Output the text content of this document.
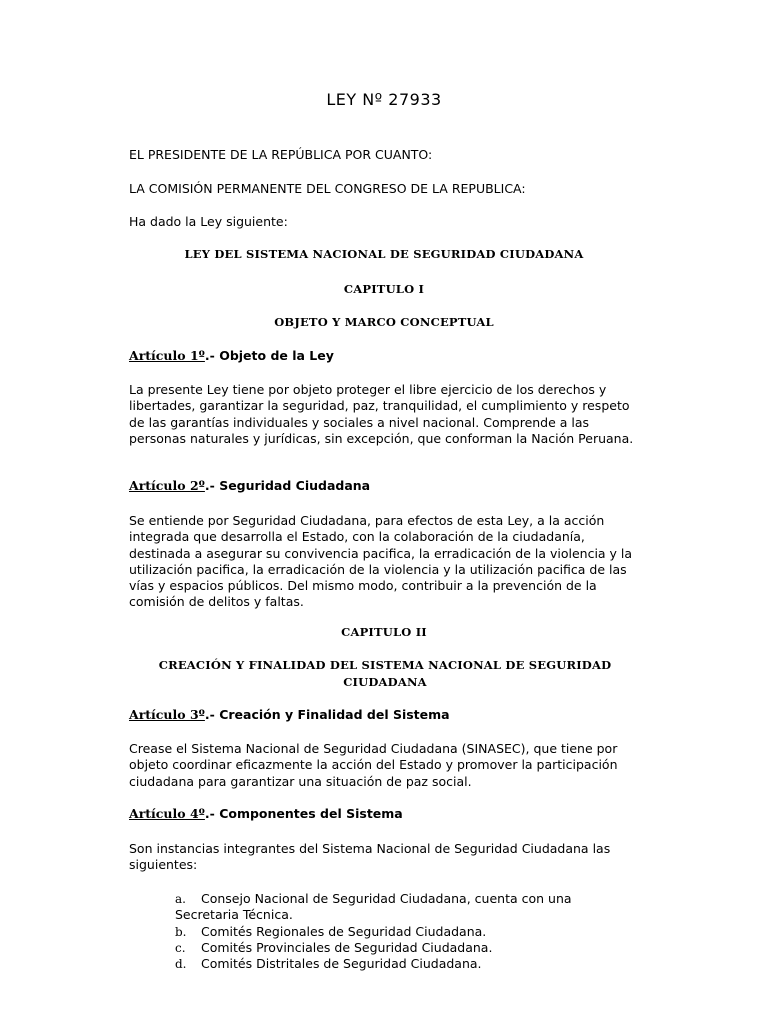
LEY Nº 27933

EL PRESIDENTE DE LA REPÚBLICA POR CUANTO:

LA COMISIÓN PERMANENTE DEL CONGRESO DE LA REPUBLICA:

Ha dado la Ley siguiente:

LEY DEL SISTEMA NACIONAL DE SEGURIDAD CIUDADANA

CAPITULO I

OBJETO Y MARCO CONCEPTUAL

Artículo 1º.- Objeto de la Ley

La presente Ley tiene por objeto proteger el libre ejercicio de los derechos y libertades, garantizar la seguridad, paz, tranquilidad, el cumplimiento y respeto de las garantías individuales y sociales a nivel nacional. Comprende a las personas naturales y jurídicas, sin excepción, que conforman la Nación Peruana.

Artículo 2º.- Seguridad Ciudadana

Se entiende por Seguridad Ciudadana, para efectos de esta Ley, a la acción integrada que desarrolla el Estado, con la colaboración de la ciudadanía, destinada a asegurar su convivencia pacifica, la erradicación de la violencia y la utilización pacifica, la erradicación de la violencia y la utilización pacifica de las vías y espacios públicos. Del mismo modo, contribuir a la prevención de la comisión de delitos y faltas.

CAPITULO II

CREACIÓN Y FINALIDAD DEL SISTEMA NACIONAL DE SEGURIDAD CIUDADANA

Artículo 3º.- Creación y Finalidad del Sistema

Crease el Sistema Nacional de Seguridad Ciudadana (SINASEC), que tiene por objeto coordinar eficazmente la acción del Estado y promover la participación ciudadana para garantizar una situación de paz social.

Artículo 4º.- Componentes del Sistema

Son instancias integrantes del Sistema Nacional de Seguridad Ciudadana las siguientes:

a. Consejo Nacional de Seguridad Ciudadana, cuenta con una Secretaria Técnica.
b. Comités Regionales de Seguridad Ciudadana.
c. Comités Provinciales de Seguridad Ciudadana.
d. Comités Distritales de Seguridad Ciudadana.
